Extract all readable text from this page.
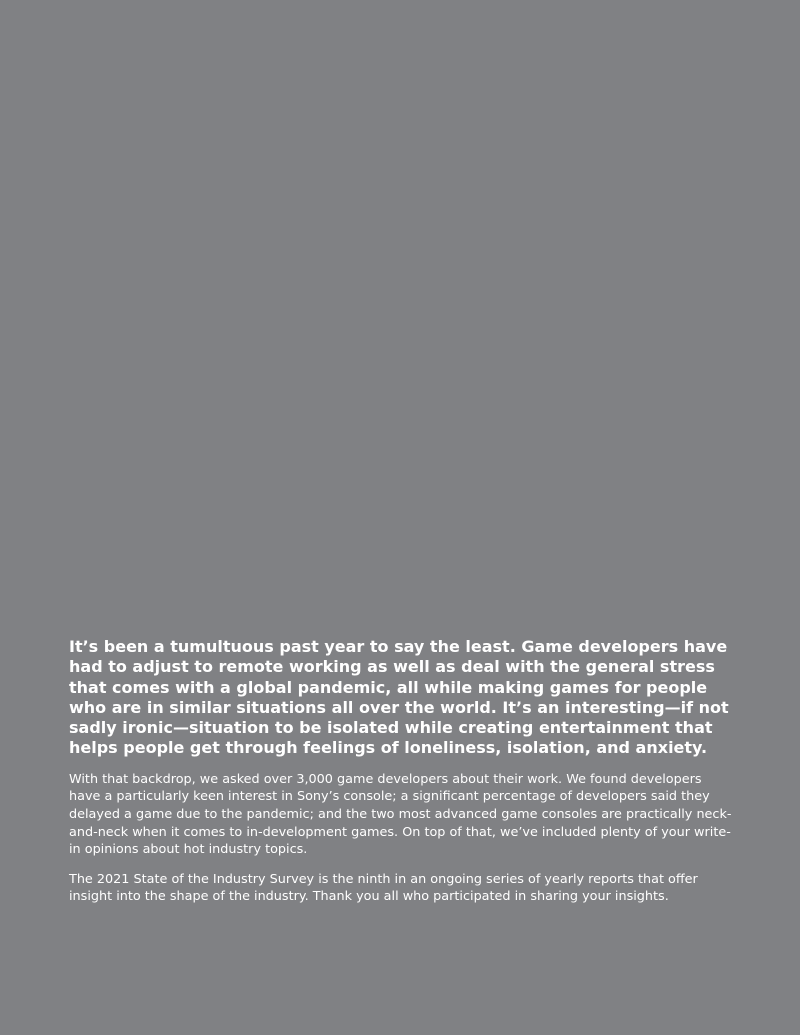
It’s been a tumultuous past year to say the least. Game developers have had to adjust to remote working as well as deal with the general stress that comes with a global pandemic, all while making games for people who are in similar situations all over the world. It’s an interesting—if not sadly ironic—situation to be isolated while creating entertainment that helps people get through feelings of loneliness, isolation, and anxiety.

With that backdrop, we asked over 3,000 game developers about their work. We found developers have a particularly keen interest in Sony’s console; a significant percentage of developers said they delayed a game due to the pandemic; and the two most advanced game consoles are practically neck-and-neck when it comes to in-development games. On top of that, we’ve included plenty of your write-in opinions about hot industry topics.

The 2021 State of the Industry Survey is the ninth in an ongoing series of yearly reports that offer insight into the shape of the industry. Thank you all who participated in sharing your insights.
